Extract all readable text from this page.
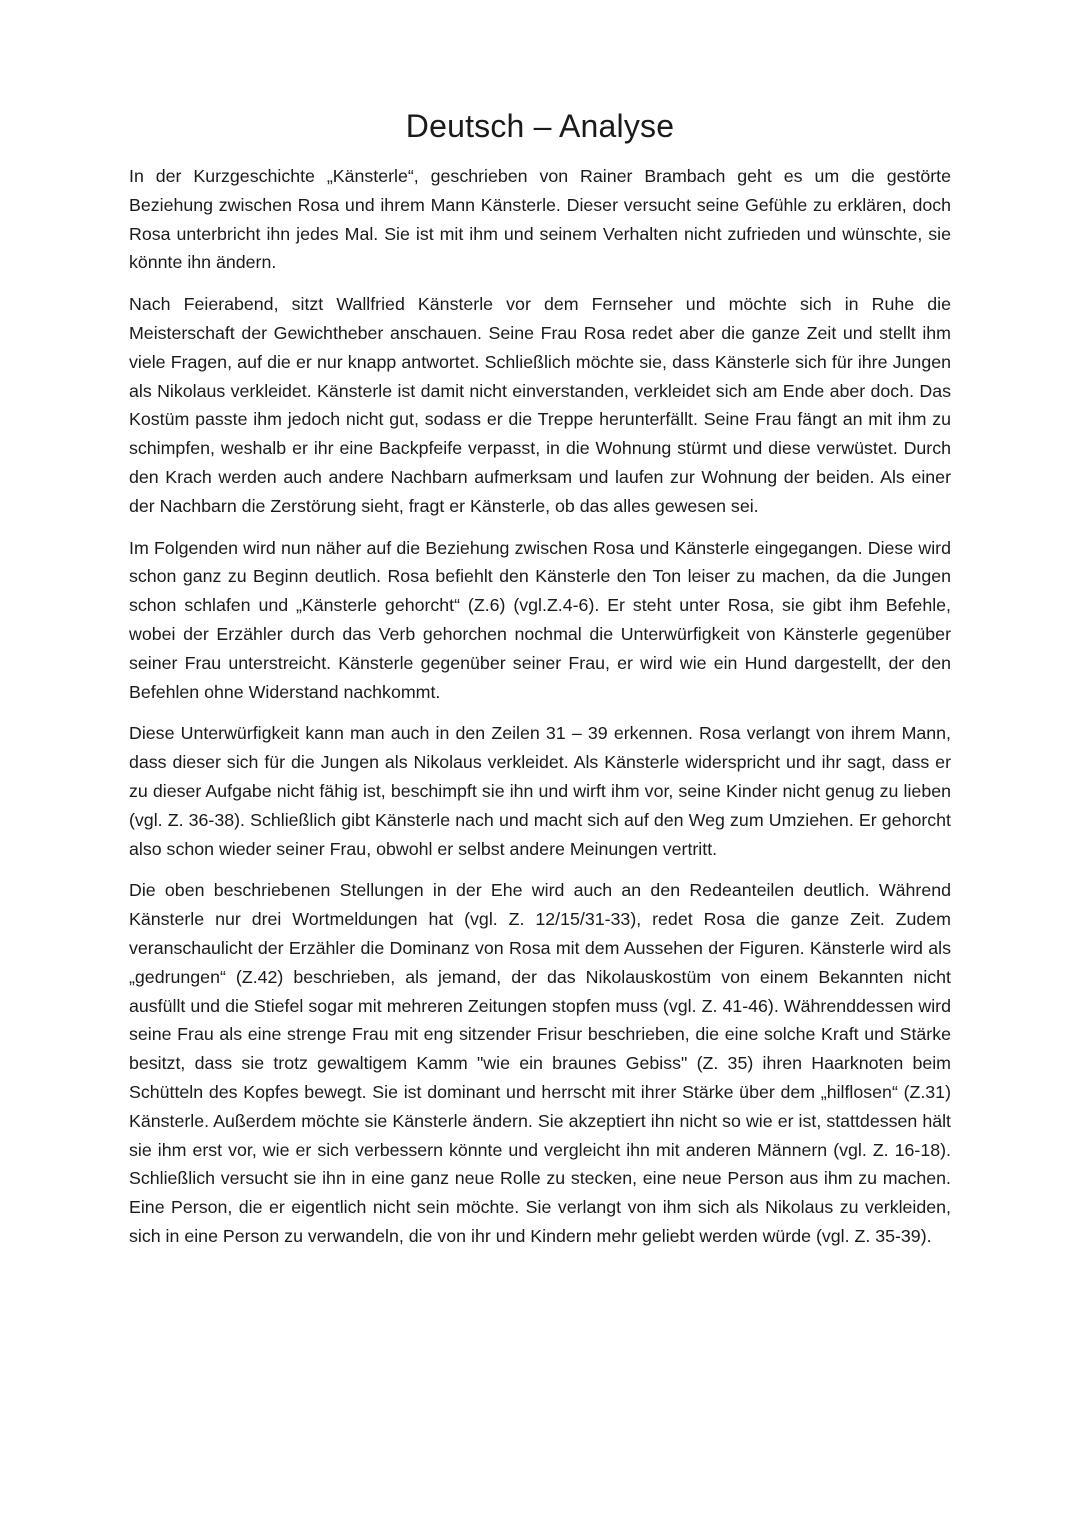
Deutsch – Analyse

In der Kurzgeschichte „Känsterle“, geschrieben von Rainer Brambach geht es um die gestörte Beziehung zwischen Rosa und ihrem Mann Känsterle. Dieser versucht seine Gefühle zu erklären, doch Rosa unterbricht ihn jedes Mal. Sie ist mit ihm und seinem Verhalten nicht zufrieden und wünschte, sie könnte ihn ändern.

Nach Feierabend, sitzt Wallfried Känsterle vor dem Fernseher und möchte sich in Ruhe die Meisterschaft der Gewichtheber anschauen. Seine Frau Rosa redet aber die ganze Zeit und stellt ihm viele Fragen, auf die er nur knapp antwortet. Schließlich möchte sie, dass Känsterle sich für ihre Jungen als Nikolaus verkleidet. Känsterle ist damit nicht einverstanden, verkleidet sich am Ende aber doch. Das Kostüm passte ihm jedoch nicht gut, sodass er die Treppe herunterfällt. Seine Frau fängt an mit ihm zu schimpfen, weshalb er ihr eine Backpfeife verpasst, in die Wohnung stürmt und diese verwüstet. Durch den Krach werden auch andere Nachbarn aufmerksam und laufen zur Wohnung der beiden. Als einer der Nachbarn die Zerstörung sieht, fragt er Känsterle, ob das alles gewesen sei.

Im Folgenden wird nun näher auf die Beziehung zwischen Rosa und Känsterle eingegangen. Diese wird schon ganz zu Beginn deutlich. Rosa befiehlt den Känsterle den Ton leiser zu machen, da die Jungen schon schlafen und „Känsterle gehorcht“ (Z.6) (vgl.Z.4-6). Er steht unter Rosa, sie gibt ihm Befehle, wobei der Erzähler durch das Verb gehorchen nochmal die Unterwürfigkeit von Känsterle gegenüber seiner Frau unterstreicht. Känsterle gegenüber seiner Frau, er wird wie ein Hund dargestellt, der den Befehlen ohne Widerstand nachkommt.

Diese Unterwürfigkeit kann man auch in den Zeilen 31 – 39 erkennen. Rosa verlangt von ihrem Mann, dass dieser sich für die Jungen als Nikolaus verkleidet. Als Känsterle widerspricht und ihr sagt, dass er zu dieser Aufgabe nicht fähig ist, beschimpft sie ihn und wirft ihm vor, seine Kinder nicht genug zu lieben (vgl. Z. 36-38). Schließlich gibt Känsterle nach und macht sich auf den Weg zum Umziehen. Er gehorcht also schon wieder seiner Frau, obwohl er selbst andere Meinungen vertritt.

Die oben beschriebenen Stellungen in der Ehe wird auch an den Redeanteilen deutlich. Während Känsterle nur drei Wortmeldungen hat (vgl. Z. 12/15/31-33), redet Rosa die ganze Zeit. Zudem veranschaulicht der Erzähler die Dominanz von Rosa mit dem Aussehen der Figuren. Känsterle wird als „gedrungen“ (Z.42) beschrieben, als jemand, der das Nikolauskostüm von einem Bekannten nicht ausfüllt und die Stiefel sogar mit mehreren Zeitungen stopfen muss (vgl. Z. 41-46). Währenddessen wird seine Frau als eine strenge Frau mit eng sitzender Frisur beschrieben, die eine solche Kraft und Stärke besitzt, dass sie trotz gewaltigem Kamm "wie ein braunes Gebiss" (Z. 35) ihren Haarknoten beim Schütteln des Kopfes bewegt. Sie ist dominant und herrscht mit ihrer Stärke über dem „hilflosen“ (Z.31) Känsterle. Außerdem möchte sie Känsterle ändern. Sie akzeptiert ihn nicht so wie er ist, stattdessen hält sie ihm erst vor, wie er sich verbessern könnte und vergleicht ihn mit anderen Männern (vgl. Z. 16-18). Schließlich versucht sie ihn in eine ganz neue Rolle zu stecken, eine neue Person aus ihm zu machen. Eine Person, die er eigentlich nicht sein möchte. Sie verlangt von ihm sich als Nikolaus zu verkleiden, sich in eine Person zu verwandeln, die von ihr und Kindern mehr geliebt werden würde (vgl. Z. 35-39).
